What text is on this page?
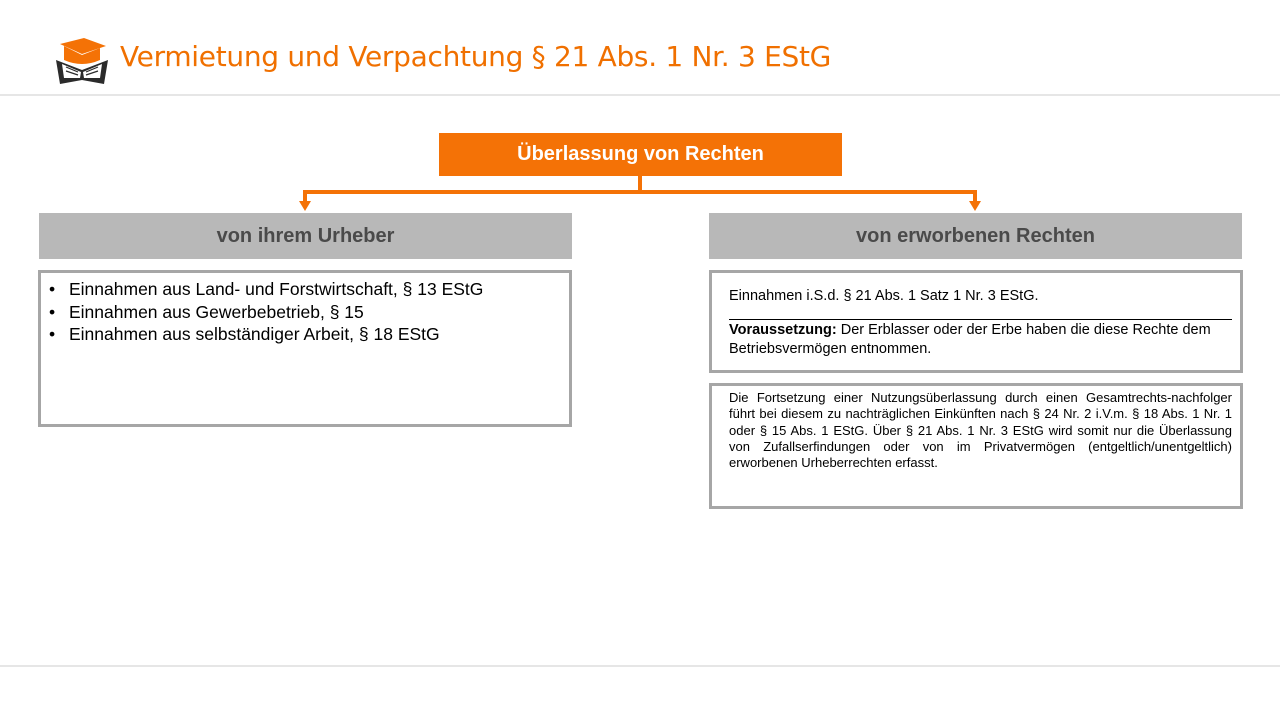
Vermietung und Verpachtung § 21 Abs. 1 Nr. 3 EStG
Überlassung von Rechten
von ihrem Urheber	von erworbenen Rechten
• Einnahmen aus Land- und Forstwirtschaft, § 13 EStG
• Einnahmen aus Gewerbebetrieb, § 15
• Einnahmen aus selbständiger Arbeit, § 18 EStG
Einnahmen i.S.d. § 21 Abs. 1 Satz 1 Nr. 3 EStG.
Voraussetzung: Der Erblasser oder der Erbe haben die diese Rechte dem Betriebsvermögen entnommen.
Die Fortsetzung einer Nutzungsüberlassung durch einen Gesamtrechts-nachfolger führt bei diesem zu nachträglichen Einkünften nach § 24 Nr. 2 i.V.m. § 18 Abs. 1 Nr. 1 oder § 15 Abs. 1 EStG. Über § 21 Abs. 1 Nr. 3 EStG wird somit nur die Überlassung von Zufallserfindungen oder von im Privatvermögen (entgeltlich/unentgeltlich) erworbenen Urheberrechten erfasst.
